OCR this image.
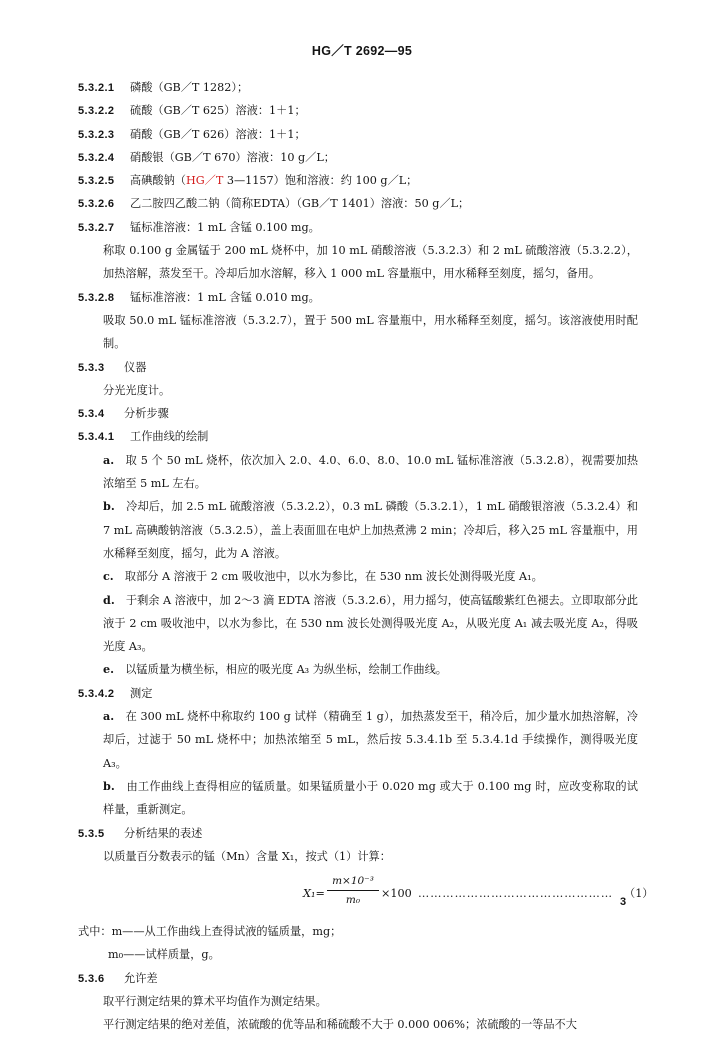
HG／T 2692—95
5.3.2.1 磷酸（GB／T 1282）；
5.3.2.2 硫酸（GB／T 625）溶液：1＋1；
5.3.2.3 硝酸（GB／T 626）溶液：1＋1；
5.3.2.4 硝酸银（GB／T 670）溶液：10 g／L；
5.3.2.5 高碘酸钠（HG／T 3—1157）饱和溶液：约 100 g／L；
5.3.2.6 乙二胺四乙酸二钠（简称EDTA）（GB／T 1401）溶液：50 g／L；
5.3.2.7 锰标准溶液：1 mL 含锰 0.100 mg。
称取 0.100 g 金属锰于 200 mL 烧杯中，加 10 mL 硝酸溶液（5.3.2.3）和 2 mL 硫酸溶液（5.3.2.2），加热溶解，蒸发至干。冷却后加水溶解，移入 1 000 mL 容量瓶中，用水稀释至刻度，摇匀，备用。
5.3.2.8 锰标准溶液：1 mL 含锰 0.010 mg。
吸取 50.0 mL 锰标准溶液（5.3.2.7），置于 500 mL 容量瓶中，用水稀释至刻度，摇匀。该溶液使用时配制。
5.3.3 仪器
分光光度计。
5.3.4 分析步骤
5.3.4.1 工作曲线的绘制
a.　 取 5 个 50 mL 烧杯，依次加入 2.0、4.0、6.0、8.0、10.0 mL 锰标准溶液（5.3.2.8），视需要加热浓缩至 5 mL 左右。
b.　 冷却后，加 2.5 mL 硫酸溶液（5.3.2.2），0.3 mL 磷酸（5.3.2.1），1 mL 硝酸银溶液（5.3.2.4）和 7 mL 高碘酸钠溶液（5.3.2.5），盖上表面皿在电炉上加热煮沸 2 min；冷却后，移入25 mL 容量瓶中，用水稀释至刻度，摇匀，此为 A 溶液。
c.　 取部分 A 溶液于 2 cm 吸收池中，以水为参比，在 530 nm 波长处测得吸光度 A₁。
d.　 于剩余 A 溶液中，加 2～3 滴 EDTA 溶液（5.3.2.6），用力摇匀，使高锰酸紫红色褪去。立即取部分此液于 2 cm 吸收池中，以水为参比，在 530 nm 波长处测得吸光度 A₂，从吸光度 A₁ 减去吸光度 A₂，得吸光度 A₃。
e.　 以锰质量为横坐标，相应的吸光度 A₃ 为纵坐标，绘制工作曲线。
5.3.4.2 测定
a.　 在 300 mL 烧杯中称取约 100 g 试样（精确至 1 g），加热蒸发至干，稍冷后，加少量水加热溶解，冷却后，过滤于 50 mL 烧杯中；加热浓缩至 5 mL，然后按 5.3.4.1b 至 5.3.4.1d 手续操作，测得吸光度 A₃。
b.　 由工作曲线上查得相应的锰质量。如果锰质量小于 0.020 mg 或大于 0.100 mg 时，应改变称取的试样量，重新测定。
5.3.5 分析结果的表述
以质量百分数表示的锰（Mn）含量 X₁，按式（1）计算：
$X_1= \frac{\text{m×10⁻³}}{\text{m₀}} \times 100$ ………………………………………… （1）
式中：m——从工作曲线上查得试液的锰质量，mg；
m₀——试样质量，g。
5.3.6 允许差
取平行测定结果的算术平均值作为测定结果。
平行测定结果的绝对差值，浓硫酸的优等品和稀硫酸不大于 0.000 006%；浓硫酸的一等品不大
3
